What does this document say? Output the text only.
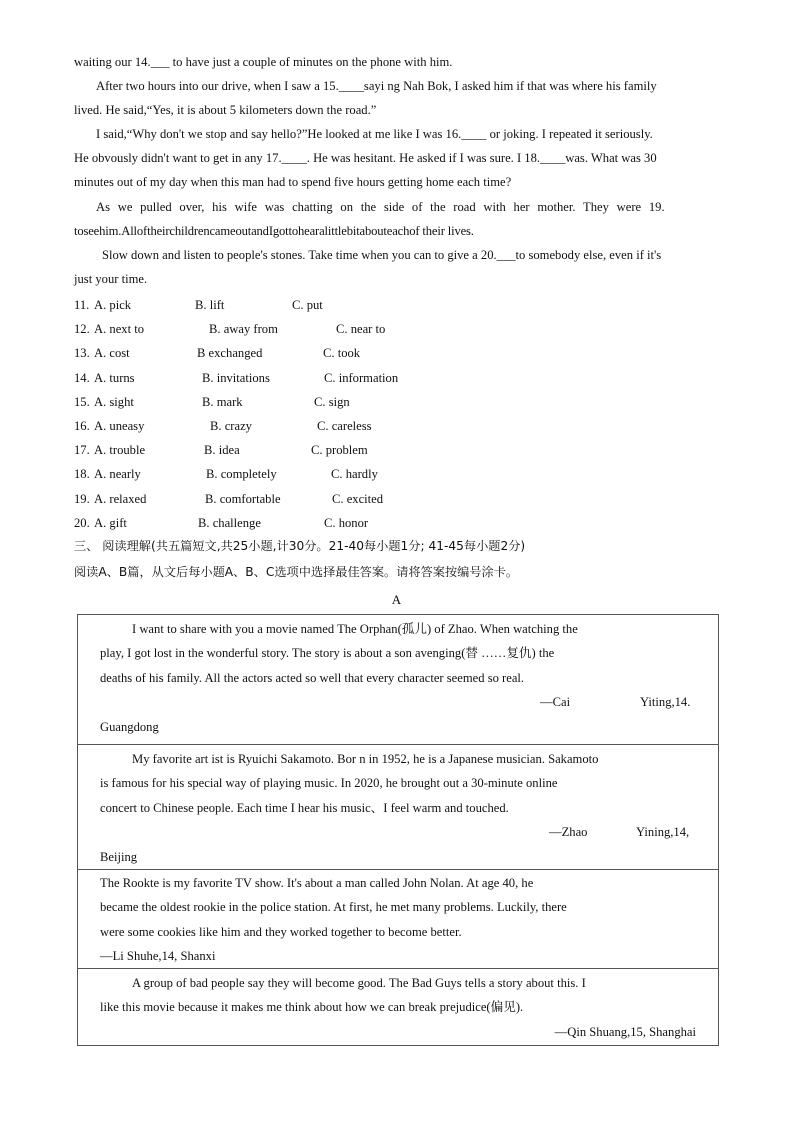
waiting our 14.___ to have just a couple of minutes on the phone with him.
After two hours into our drive, when I saw a 15.____sayi ng Nah Bok, I asked him if that was where his family
lived. He said,“Yes, it is about 5 kilometers down the road.”
I said,“Why don't we stop and say hello?”He looked at me like I was 16.____ or joking. I repeated it seriously.
He obvously didn't want to get in any 17.____. He was hesitant. He asked if I was sure. I 18.____was. What was 30
minutes out of my day when this man had to spend five hours getting home each time?
As we pulled over, his wife was chatting on the side of the road with her mother. They were 19.
toseehim.AlloftheirchildrencameoutandIgottohearalittlebitabouteachof their lives.
Slow down and listen to people's stones. Take time when you can to give a 20.___to somebody else, even if it's
just your time.
11. A. pick	B. lift	C. put
12. A. next to	B. away from	C. near to
13. A. cost	B exchanged	C. took
14. A. turns	B. invitations	C. information
15. A. sight	B. mark	C. sign
16. A. uneasy	B. crazy	C. careless
17. A. trouble	B. idea	C. problem
18. A. nearly	B. completely	C. hardly
19. A. relaxed	B. comfortable	C. excited
20. A. gift	B. challenge	C. honor
三、 阅读理解(共五篇短文,共25小题,计30分。21-40每小题1分; 41-45每小题2分)
阅读A、B篇，从文后每小题A、B、C选项中选择最佳答案。请将答案按编号涂卡。
A

I want to share with you a movie named The Orphan(孤儿) of Zhao. When watching the

play, I got lost in the wonderful story. The story is about a son avenging(替 ……复仇) the

deaths of his family. All the actors acted so well that every character seemed so real.

—Cai	Yiting,14.

Guangdong

My favorite art ist is Ryuichi Sakamoto. Bor n in 1952, he is a Japanese musician. Sakamoto

is famous for his special way of playing music. In 2020, he brought out a 30-minute online

concert to Chinese people. Each time I hear his music、I feel warm and touched.

—Zhao	Yining,14,

Beijing

The Rookte is my favorite TV show. It's about a man called John Nolan. At age 40, he

became the oldest rookie in the police station. At first, he met many problems. Luckily, there

were some cookies like him and they worked together to become better.

—Li Shuhe,14, Shanxi

A group of bad people say they will become good. The Bad Guys tells a story about this. I

like this movie because it makes me think about how we can break prejudice(偏见).

—Qin Shuang,15, Shanghai
